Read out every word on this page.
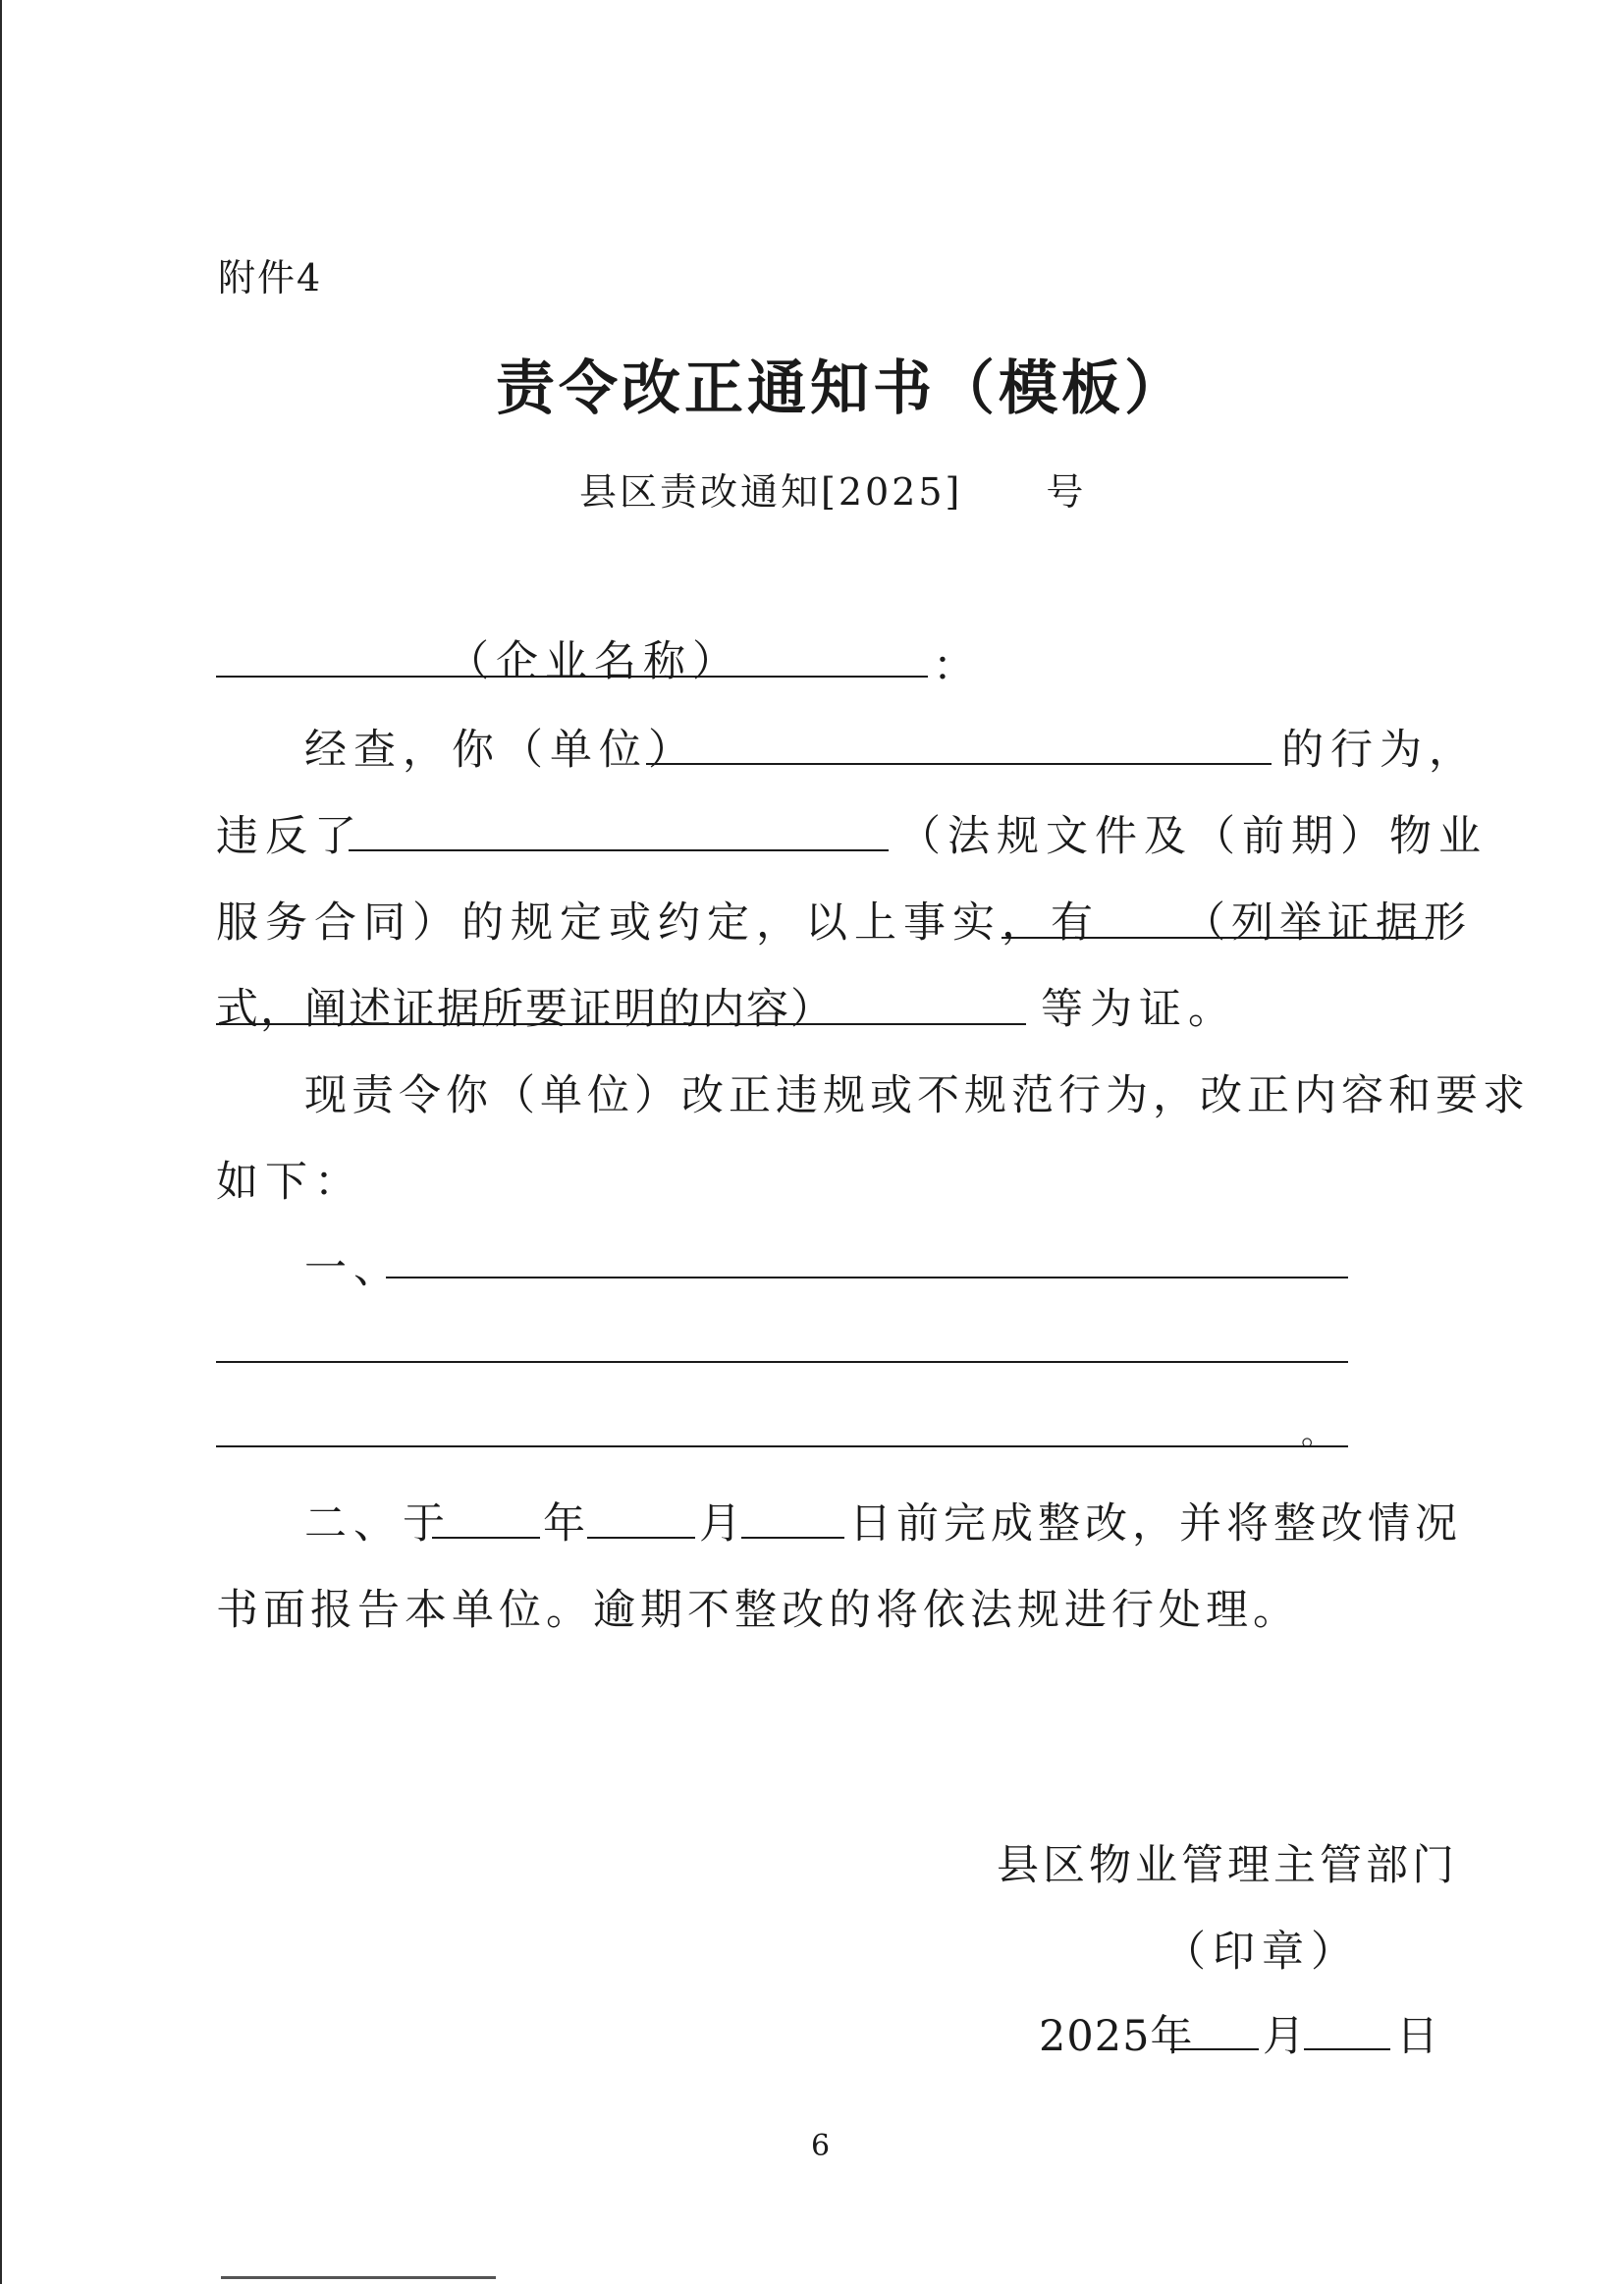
附件4
责令改正通知书（模板）
县区责改通知[2025] 号
（企业名称）	：
经查，你（单位）	的行为，
违反了	（法规文件及（前期）物业
服务合同）的规定或约定，以上事实，有 （列举证据形
式，阐述证据所要证明的内容）	等为证。
现责令你（单位）改正违规或不规范行为，改正内容和要求
如下：
一、
。
二、于 年	月 日前完成整改，并将整改情况
书面报告本单位。逾期不整改的将依法规进行处理。
县区物业管理主管部门
（印章）
2025年 月 日
6
